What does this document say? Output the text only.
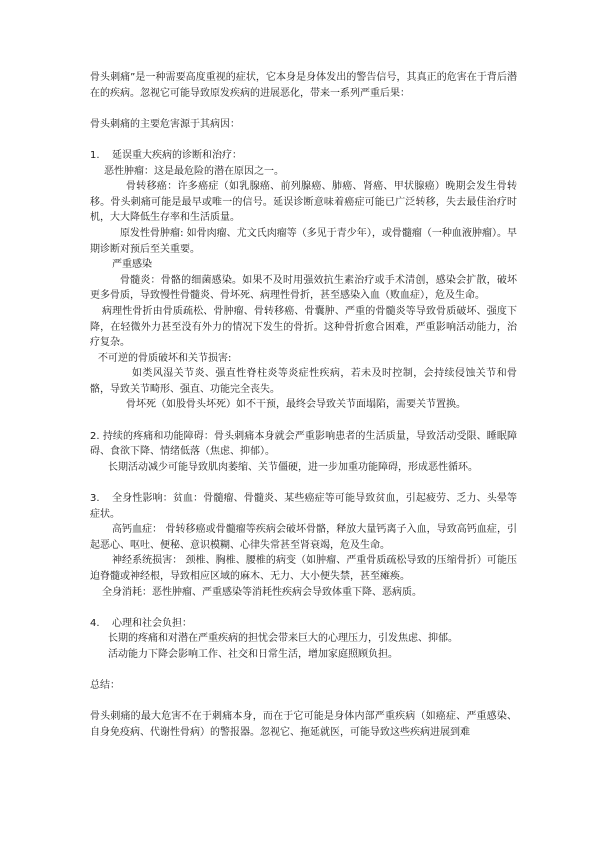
骨头刺痛”是一种需要高度重视的症状，它本身是身体发出的警告信号，其真正的危害在于背后潜在的疾病。忽视它可能导致原发疾病的进展恶化，带来一系列严重后果：

骨头刺痛的主要危害源于其病因：

1. 延误重大疾病的诊断和治疗：

恶性肿瘤：这是最危险的潜在原因之一。

骨转移癌：许多癌症（如乳腺癌、前列腺癌、肺癌、肾癌、甲状腺癌）晚期会发生骨转移。骨头刺痛可能是最早或唯一的信号。延误诊断意味着癌症可能已广泛转移，失去最佳治疗时机，大大降低生存率和生活质量。

原发性骨肿瘤: 如骨肉瘤、尤文氏肉瘤等（多见于青少年），或骨髓瘤（一种血液肿瘤）。早期诊断对预后至关重要。

严重感染

骨髓炎：骨骼的细菌感染。如果不及时用强效抗生素治疗或手术清创，感染会扩散，破坏更多骨质，导致慢性骨髓炎、骨坏死、病理性骨折，甚至感染入血（败血症），危及生命。

病理性骨折由骨质疏松、骨肿瘤、骨转移癌、骨囊肿、严重的骨髓炎等导致骨质破坏、强度下降，在轻微外力甚至没有外力的情况下发生的骨折。这种骨折愈合困难，严重影响活动能力，治疗复杂。

不可逆的骨质破坏和关节损害:

如类风湿关节炎、强直性脊柱炎等炎症性疾病，若未及时控制，会持续侵蚀关节和骨骼，导致关节畸形、强直、功能完全丧失。

骨坏死（如股骨头坏死）如不干预，最终会导致关节面塌陷，需要关节置换。

2. 持续的疼痛和功能障碍：骨头刺痛本身就会严重影响患者的生活质量，导致活动受限、睡眠障碍、食欲下降、情绪低落（焦虑、抑郁）。

长期活动减少可能导致肌肉萎缩、关节僵硬，进一步加重功能障碍，形成恶性循环。

3. 全身性影响：贫血：骨髓瘤、骨髓炎、某些癌症等可能导致贫血，引起疲劳、乏力、头晕等症状。

高钙血症： 骨转移癌或骨髓瘤等疾病会破坏骨骼，释放大量钙离子入血，导致高钙血症，引起恶心、呕吐、便秘、意识模糊、心律失常甚至肾衰竭，危及生命。

神经系统损害： 颈椎、胸椎、腰椎的病变（如肿瘤、严重骨质疏松导致的压缩骨折）可能压迫脊髓或神经根，导致相应区域的麻木、无力、大小便失禁，甚至瘫痪。

全身消耗：恶性肿瘤、严重感染等消耗性疾病会导致体重下降、恶病质。

4. 心理和社会负担：

长期的疼痛和对潜在严重疾病的担忧会带来巨大的心理压力，引发焦虑、抑郁。

活动能力下降会影响工作、社交和日常生活，增加家庭照顾负担。

总结：

骨头刺痛的最大危害不在于刺痛本身，而在于它可能是身体内部严重疾病（如癌症、严重感染、自身免疫病、代谢性骨病）的警报器。忽视它、拖延就医，可能导致这些疾病进展到难
